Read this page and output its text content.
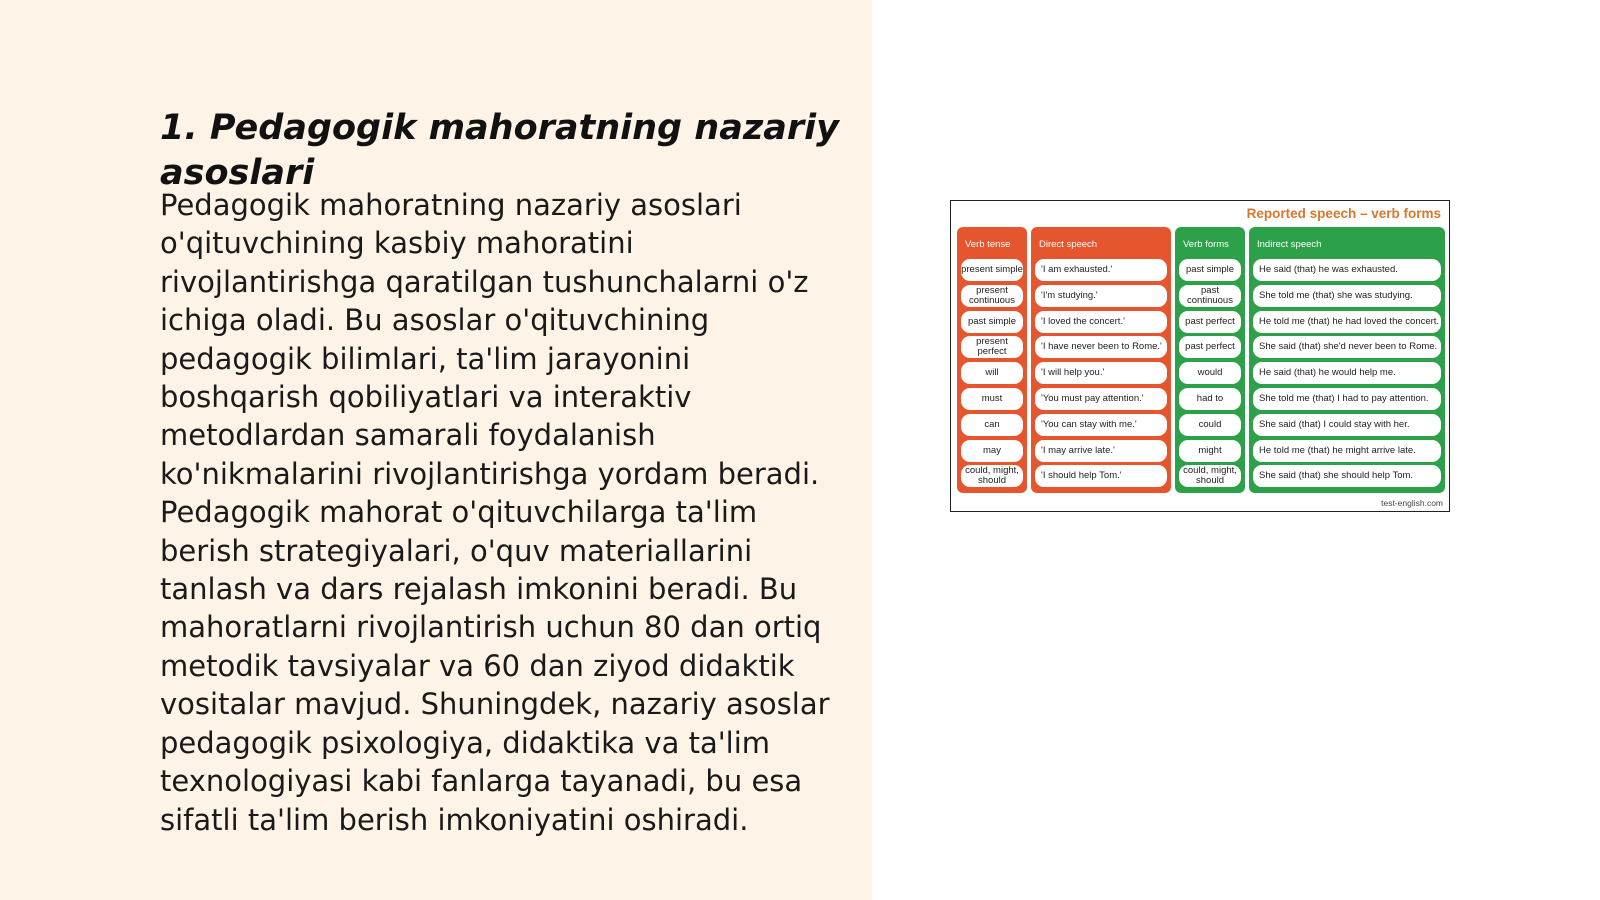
1. Pedagogik mahoratning nazariy asoslari

Pedagogik mahoratning nazariy asoslari o'qituvchining kasbiy mahoratini rivojlantirishga qaratilgan tushunchalarni o'z ichiga oladi. Bu asoslar o'qituvchining pedagogik bilimlari, ta'lim jarayonini boshqarish qobiliyatlari va interaktiv metodlardan samarali foydalanish ko'nikmalarini rivojlantirishga yordam beradi. Pedagogik mahorat o'qituvchilarga ta'lim berish strategiyalari, o'quv materiallarini tanlash va dars rejalash imkonini beradi. Bu mahoratlarni rivojlantirish uchun 80 dan ortiq metodik tavsiyalar va 60 dan ziyod didaktik vositalar mavjud. Shuningdek, nazariy asoslar pedagogik psixologiya, didaktika va ta'lim texnologiyasi kabi fanlarga tayanadi, bu esa sifatli ta'lim berish imkoniyatini oshiradi.

Reported speech – verb forms
Verb tense
present simple
present continuous
past simple
present perfect
will
must
can
may
could, might, should
Direct speech
'I am exhausted.'
'I'm studying.'
'I loved the concert.'
'I have never been to Rome.'
'I will help you.'
'You must pay attention.'
'You can stay with me.'
'I may arrive late.'
'I should help Tom.'
Verb forms
past simple
past continuous
past perfect
past perfect
would
had to
could
might
could, might, should
Indirect speech
He said (that) he was exhausted.
She told me (that) she was studying.
He told me (that) he had loved the concert.
She said (that) she'd never been to Rome.
He said (that) he would help me.
She told me (that) I had to pay attention.
She said (that) I could stay with her.
He told me (that) he might arrive late.
She said (that) she should help Tom.
test-english.com
